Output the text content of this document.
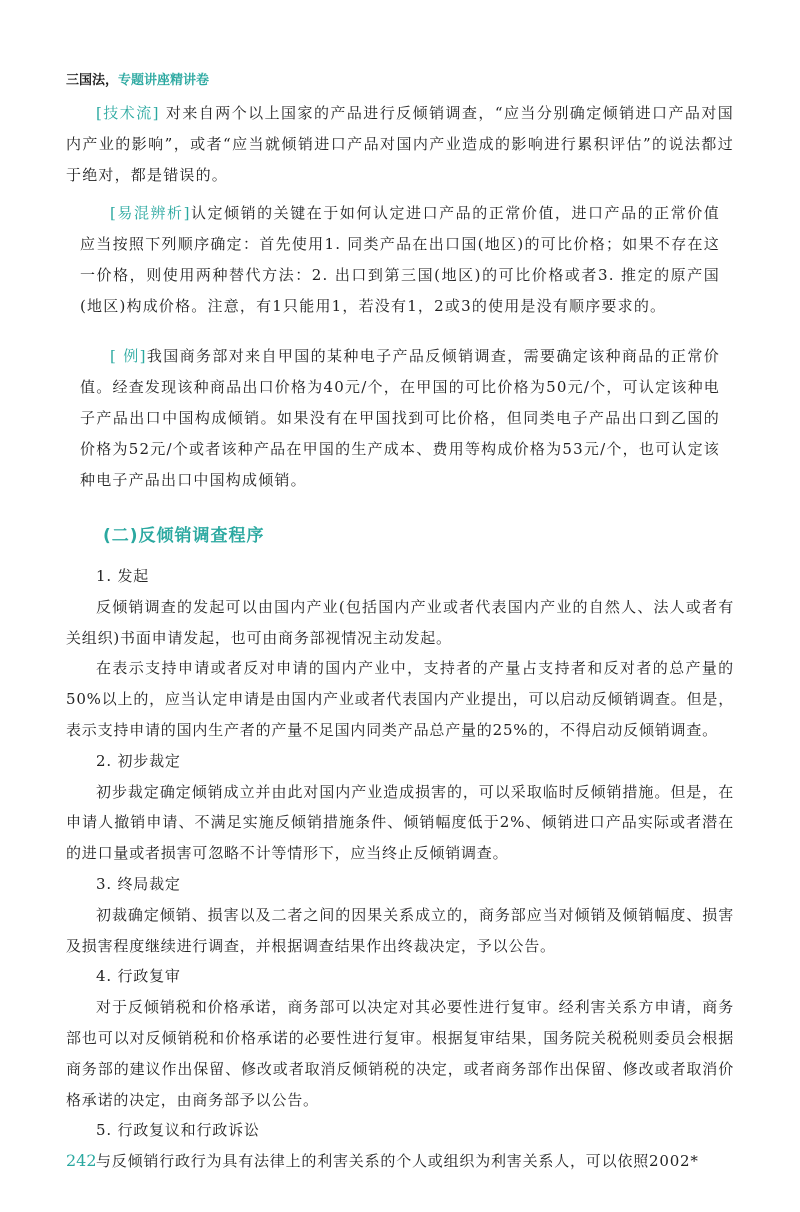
三国法，专题讲座精讲卷

[技术流] 对来自两个以上国家的产品进行反倾销调查，“应当分别确定倾销进口产品对国内产业的影响”，或者“应当就倾销进口产品对国内产业造成的影响进行累积评估”的说法都过于绝对，都是错误的。

[易混辨析]认定倾销的关键在于如何认定进口产品的正常价值，进口产品的正常价值应当按照下列顺序确定：首先使用1. 同类产品在出口国(地区)的可比价格；如果不存在这一价格，则使用两种替代方法：2. 出口到第三国(地区)的可比价格或者3. 推定的原产国(地区)构成价格。注意，有1只能用1，若没有1，2或3的使用是没有顺序要求的。

[ 例]我国商务部对来自甲国的某种电子产品反倾销调查，需要确定该种商品的正常价值。经查发现该种商品出口价格为40元/个，在甲国的可比价格为50元/个，可认定该种电子产品出口中国构成倾销。如果没有在甲国找到可比价格，但同类电子产品出口到乙国的价格为52元/个或者该种产品在甲国的生产成本、费用等构成价格为53元/个，也可认定该种电子产品出口中国构成倾销。

(二)反倾销调查程序

1. 发起

反倾销调查的发起可以由国内产业(包括国内产业或者代表国内产业的自然人、法人或者有关组织)书面申请发起，也可由商务部视情况主动发起。

在表示支持申请或者反对申请的国内产业中，支持者的产量占支持者和反对者的总产量的50%以上的，应当认定申请是由国内产业或者代表国内产业提出，可以启动反倾销调查。但是，表示支持申请的国内生产者的产量不足国内同类产品总产量的25%的，不得启动反倾销调查。

2. 初步裁定

初步裁定确定倾销成立并由此对国内产业造成损害的，可以采取临时反倾销措施。但是，在申请人撤销申请、不满足实施反倾销措施条件、倾销幅度低于2%、倾销进口产品实际或者潜在的进口量或者损害可忽略不计等情形下，应当终止反倾销调查。

3. 终局裁定

初裁确定倾销、损害以及二者之间的因果关系成立的，商务部应当对倾销及倾销幅度、损害及损害程度继续进行调查，并根据调查结果作出终裁决定，予以公告。

4. 行政复审

对于反倾销税和价格承诺，商务部可以决定对其必要性进行复审。经利害关系方申请，商务部也可以对反倾销税和价格承诺的必要性进行复审。根据复审结果，国务院关税税则委员会根据商务部的建议作出保留、修改或者取消反倾销税的决定，或者商务部作出保留、修改或者取消价格承诺的决定，由商务部予以公告。

5. 行政复议和行政诉讼

与反倾销行政行为具有法律上的利害关系的个人或组织为利害关系人，可以依照2002*

242
